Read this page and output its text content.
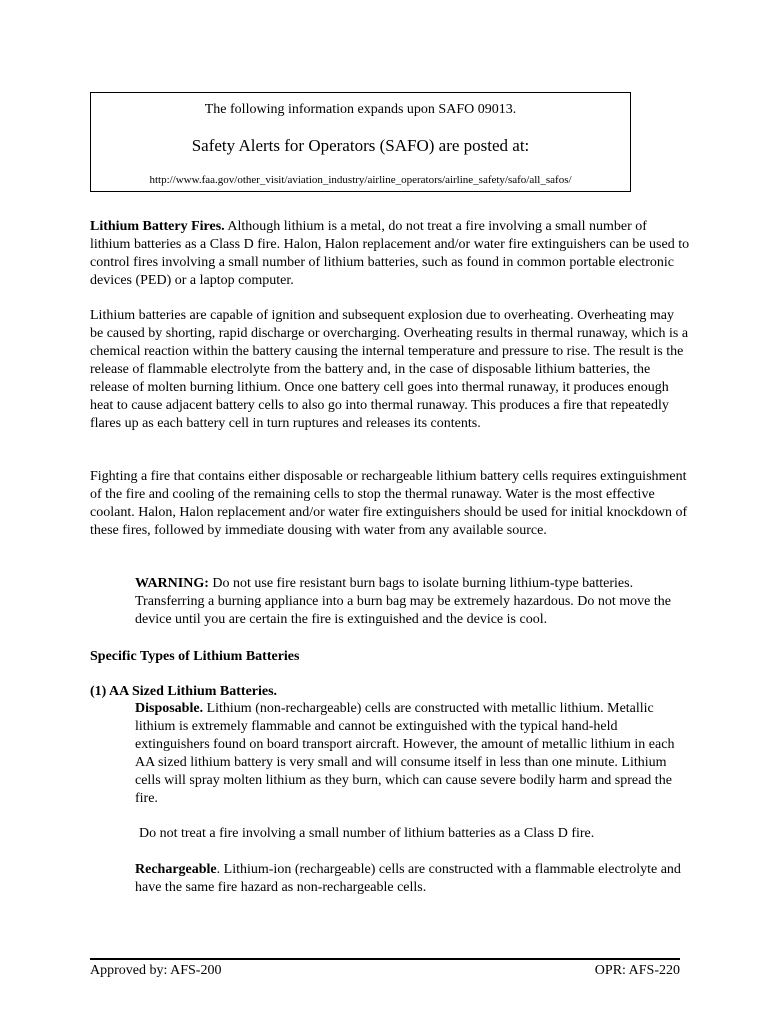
The following information expands upon SAFO 09013.
Safety Alerts for Operators (SAFO) are posted at:
http://www.faa.gov/other_visit/aviation_industry/airline_operators/airline_safety/safo/all_safos/

Lithium Battery Fires. Although lithium is a metal, do not treat a fire involving a small number of lithium batteries as a Class D fire. Halon, Halon replacement and/or water fire extinguishers can be used to control fires involving a small number of lithium batteries, such as found in common portable electronic devices (PED) or a laptop computer.

Lithium batteries are capable of ignition and subsequent explosion due to overheating. Overheating may be caused by shorting, rapid discharge or overcharging. Overheating results in thermal runaway, which is a chemical reaction within the battery causing the internal temperature and pressure to rise. The result is the release of flammable electrolyte from the battery and, in the case of disposable lithium batteries, the release of molten burning lithium. Once one battery cell goes into thermal runaway, it produces enough heat to cause adjacent battery cells to also go into thermal runaway. This produces a fire that repeatedly flares up as each battery cell in turn ruptures and releases its contents.

Fighting a fire that contains either disposable or rechargeable lithium battery cells requires extinguishment of the fire and cooling of the remaining cells to stop the thermal runaway. Water is the most effective coolant. Halon, Halon replacement and/or water fire extinguishers should be used for initial knockdown of these fires, followed by immediate dousing with water from any available source.

WARNING: Do not use fire resistant burn bags to isolate burning lithium-type batteries. Transferring a burning appliance into a burn bag may be extremely hazardous. Do not move the device until you are certain the fire is extinguished and the device is cool.

Specific Types of Lithium Batteries

(1) AA Sized Lithium Batteries.

Disposable. Lithium (non-rechargeable) cells are constructed with metallic lithium. Metallic lithium is extremely flammable and cannot be extinguished with the typical hand-held extinguishers found on board transport aircraft. However, the amount of metallic lithium in each AA sized lithium battery is very small and will consume itself in less than one minute. Lithium cells will spray molten lithium as they burn, which can cause severe bodily harm and spread the fire.

Do not treat a fire involving a small number of lithium batteries as a Class D fire.

Rechargeable. Lithium-ion (rechargeable) cells are constructed with a flammable electrolyte and have the same fire hazard as non-rechargeable cells.

Approved by: AFS-200	OPR: AFS-220
